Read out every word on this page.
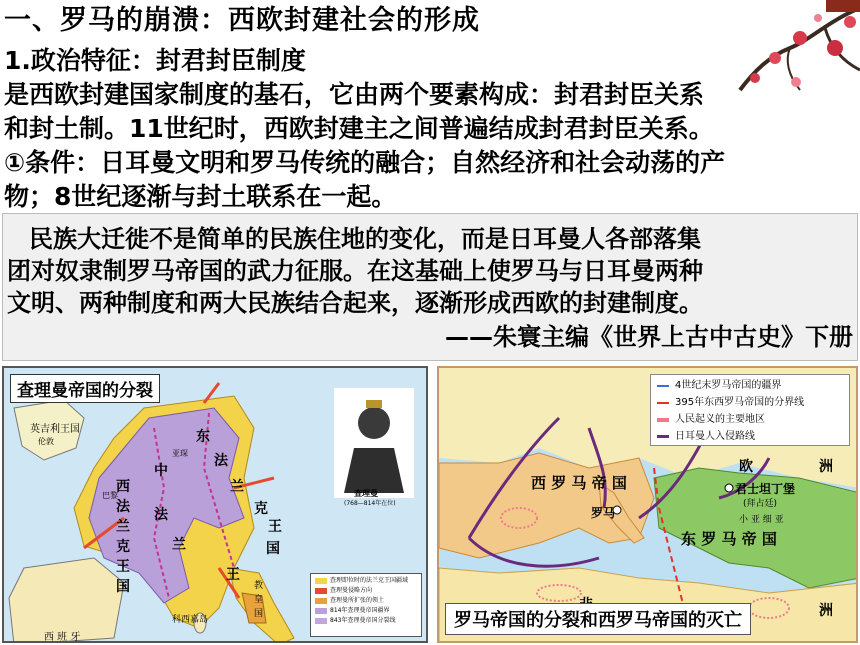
一、罗马的崩溃：西欧封建社会的形成
1.政治特征：封君封臣制度

是西欧封建国家制度的基石，它由两个要素构成：封君封臣关系

和封土制。11世纪时，西欧封建主之间普遍结成封君封臣关系。

①条件：日耳曼文明和罗马传统的融合；自然经济和社会动荡的产

物；8世纪逐渐与封土联系在一起。

民族大迁徙不是简单的民族住地的变化，而是日耳曼人各部落集

团对奴隶制罗马帝国的武力征服。在这基础上使罗马与日耳曼两种

文明、两种制度和两大民族结合起来，逐渐形成西欧的封建制度。

——朱寰主编《世界上古中古史》下册

查理曼帝国的分裂
英吉利王国
伦敦	东
法
兰
中
法
兰
西
法
兰
克
王
国
亚琛
巴黎
克
王
国
王
教
皇
国
科西嘉岛
西 班 牙
查理曼
(768—814年在位)
查理即位时的法兰克王国疆域
查理曼侵略方向
查理曼所扩张的领土
814年查理曼帝国疆界
843年查理曼帝国分裂线
4世纪末罗马帝国的疆界
395年东西罗马帝国的分界线
人民起义的主要地区
日耳曼人入侵路线
西 罗 马 帝 国
罗马
君士坦丁堡
(拜占廷)
小 亚 细 亚
东 罗 马 帝 国
欧	洲
洲
罗马帝国的分裂和西罗马帝国的灭亡
